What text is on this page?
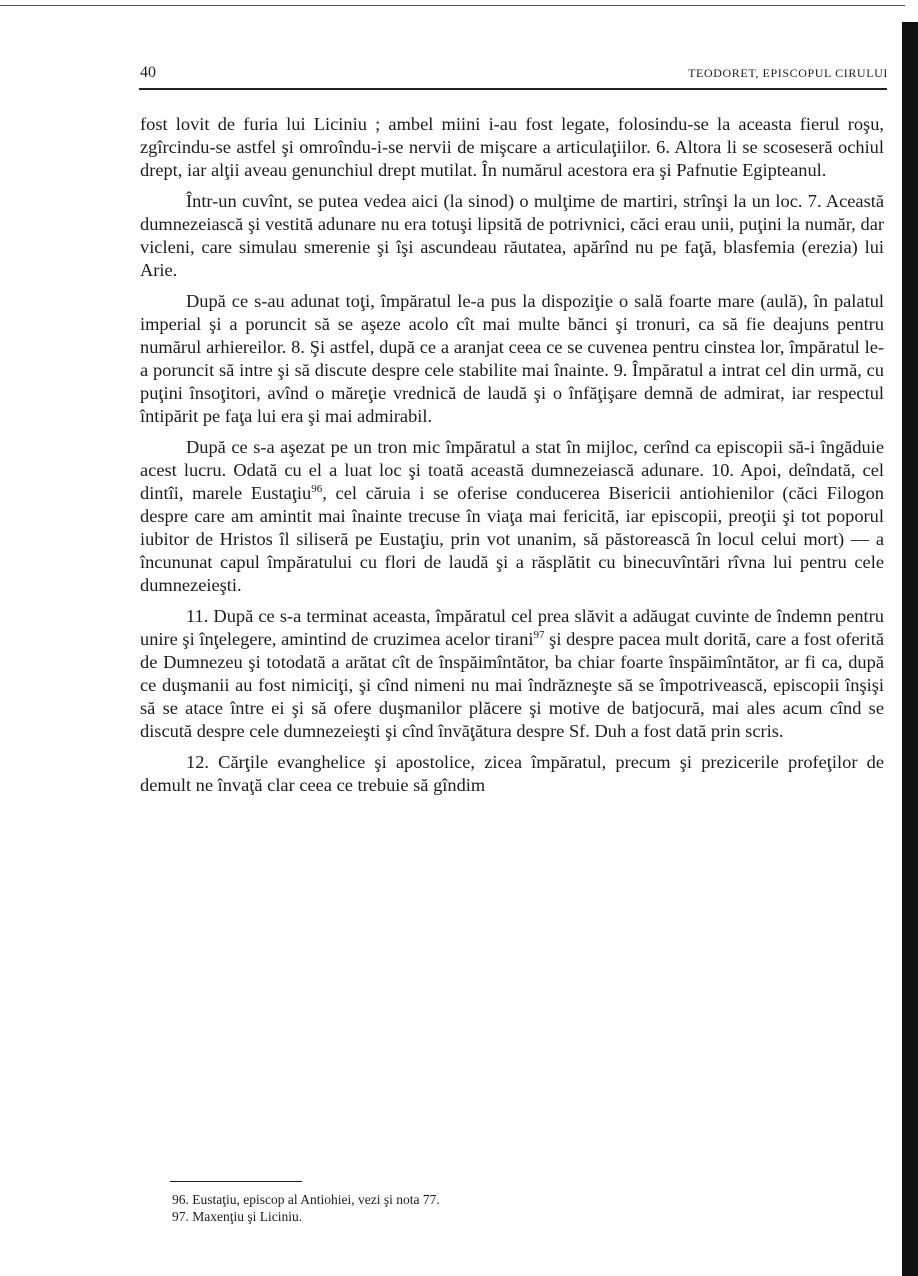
40	TEODORET, EPISCOPUL CIRULUI

fost lovit de furia lui Liciniu ; ambel miini i-au fost legate, folosindu-se la aceasta fierul roşu, zgîrcindu-se astfel şi omroîndu-i-se nervii de mişcare a articulaţiilor. 6. Altora li se scoseseră ochiul drept, iar alţii aveau genunchiul drept mutilat. În numărul acestora era şi Pafnutie Egipteanul.

Într-un cuvînt, se putea vedea aici (la sinod) o mulţime de martiri, strînşi la un loc. 7. Această dumnezeiască şi vestită adunare nu era totuşi lipsită de potrivnici, căci erau unii, puţini la număr, dar vicleni, care simulau smerenie şi îşi ascundeau răutatea, apărînd nu pe faţă, blasfemia (erezia) lui Arie.

După ce s-au adunat toţi, împăratul le-a pus la dispoziţie o sală foarte mare (aulă), în palatul imperial şi a poruncit să se aşeze acolo cît mai multe bănci şi tronuri, ca să fie deajuns pentru numărul arhiereilor. 8. Şi astfel, după ce a aranjat ceea ce se cuvenea pentru cinstea lor, împăratul le-a poruncit să intre şi să discute despre cele stabilite mai înainte. 9. Împăratul a intrat cel din urmă, cu puţini însoţitori, avînd o măreţie vrednică de laudă şi o înfăţişare demnă de admirat, iar respectul întipărit pe faţa lui era şi mai admirabil.

După ce s-a aşezat pe un tron mic împăratul a stat în mijloc, cerînd ca episcopii să-i îngăduie acest lucru. Odată cu el a luat loc şi toată această dumnezeiască adunare. 10. Apoi, deîndată, cel dintîi, marele Eustaţiu$^{96}$, cel căruia i se oferise conducerea Bisericii antiohienilor (căci Filogon despre care am amintit mai înainte trecuse în viaţa mai fericită, iar episcopii, preoţii şi tot poporul iubitor de Hristos îl siliseră pe Eustaţiu, prin vot unanim, să păstorească în locul celui mort) — a încununat capul împăratului cu flori de laudă şi a răsplătit cu binecuvîntări rîvna lui pentru cele dumnezeieşti.

11. După ce s-a terminat aceasta, împăratul cel prea slăvit a adăugat cuvinte de îndemn pentru unire şi înţelegere, amintind de cruzimea acelor tirani$^{97}$ şi despre pacea mult dorită, care a fost oferită de Dumnezeu şi totodată a arătat cît de înspăimîntător, ba chiar foarte înspăimîntător, ar fi ca, după ce duşmanii au fost nimiciţi, şi cînd nimeni nu mai îndrăzneşte să se împotrivească, episcopii înşişi să se atace între ei şi să ofere duşmanilor plăcere şi motive de batjocură, mai ales acum cînd se discută despre cele dumnezeieşti şi cînd învăţătura despre Sf. Duh a fost dată prin scris.

12. Cărţile evanghelice şi apostolice, zicea împăratul, precum şi prezicerile profeţilor de demult ne învaţă clar ceea ce trebuie să gîndim

96. Eustaţiu, episcop al Antiohiei, vezi şi nota 77.
97. Maxenţiu şi Liciniu.
